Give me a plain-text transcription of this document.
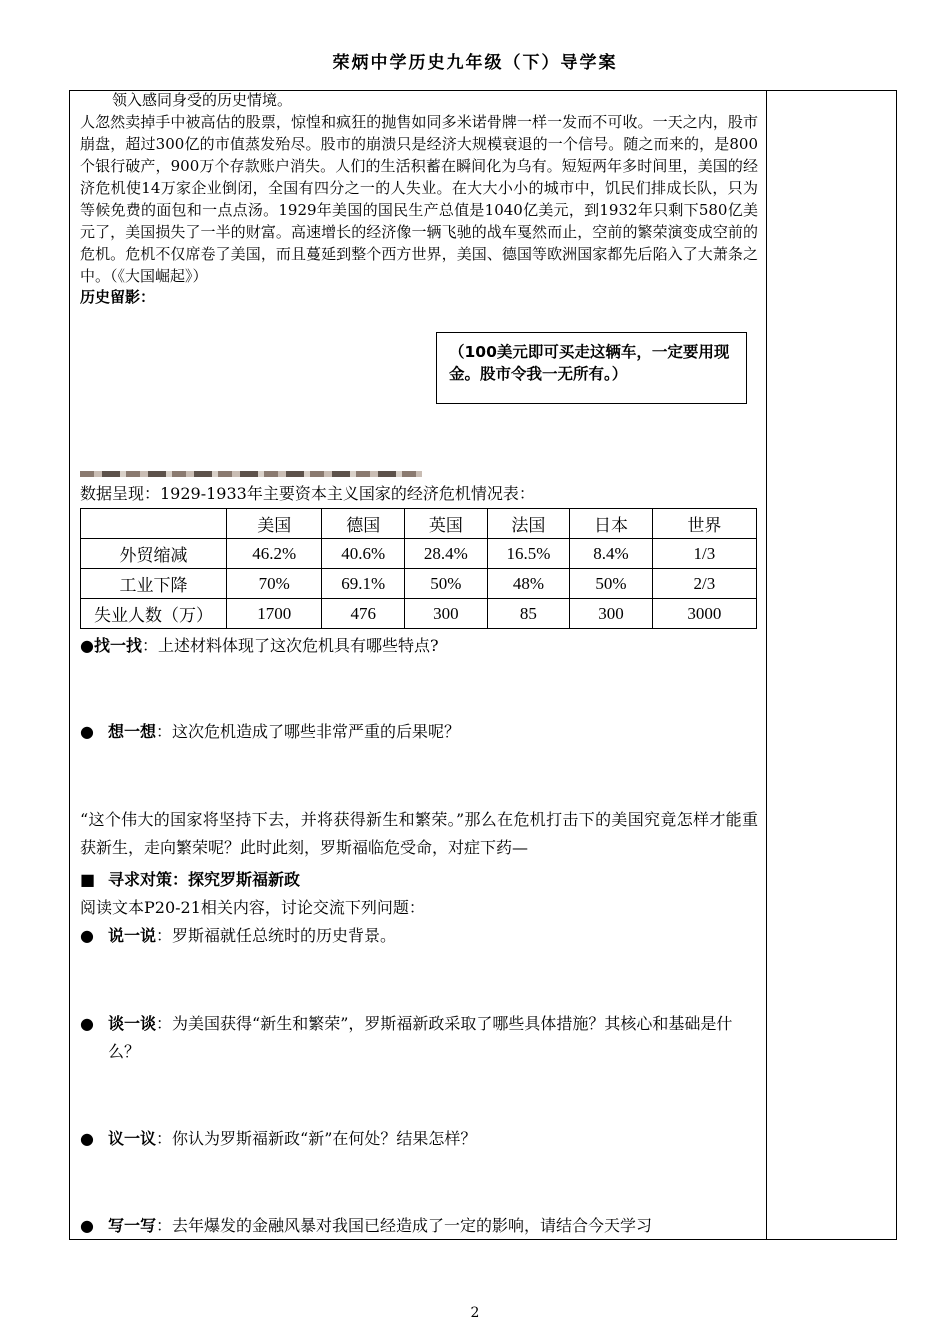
荣炳中学历史九年级（下）导学案
领入感同身受的历史情境。
人忽然卖掉手中被高估的股票，惊惶和疯狂的抛售如同多米诺骨牌一样一发而不可收。一天之内，股市崩盘，超过300亿的市值蒸发殆尽。股市的崩溃只是经济大规模衰退的一个信号。随之而来的，是800个银行破产，900万个存款账户消失。人们的生活积蓄在瞬间化为乌有。短短两年多时间里，美国的经济危机使14万家企业倒闭，全国有四分之一的人失业。在大大小小的城市中，饥民们排成长队，只为等候免费的面包和一点点汤。1929年美国的国民生产总值是1040亿美元，到1932年只剩下580亿美元了，美国损失了一半的财富。高速增长的经济像一辆飞驰的战车戛然而止，空前的繁荣演变成空前的危机。危机不仅席卷了美国，而且蔓延到整个西方世界，美国、德国等欧洲国家都先后陷入了大萧条之中。（《大国崛起》）
历史留影：
（100美元即可买走这辆车，一定要用现金。股市令我一无所有。）
数据呈现：1929-1933年主要资本主义国家的经济危机情况表：
	美国	德国	英国	法国	日本	世界
外贸缩减	46.2%	40.6%	28.4%	16.5%	8.4%	1/3
工业下降	70%	69.1%	50%	48%	50%	2/3
失业人数（万）	1700	476	300	85	300	3000
●找一找：上述材料体现了这次危机具有哪些特点?
● 想一想：这次危机造成了哪些非常严重的后果呢？
“这个伟大的国家将坚持下去，并将获得新生和繁荣。”那么在危机打击下的美国究竟怎样才能重获新生，走向繁荣呢？此时此刻，罗斯福临危受命，对症下药—
■ 寻求对策：探究罗斯福新政
阅读文本P20-21相关内容，讨论交流下列问题：
● 说一说：罗斯福就任总统时的历史背景。
● 谈一谈：为美国获得“新生和繁荣”，罗斯福新政采取了哪些具体措施？其核心和基础是什么？
● 议一议：你认为罗斯福新政“新”在何处？结果怎样？
● 写一写：去年爆发的金融风暴对我国已经造成了一定的影响，请结合今天学习
2
